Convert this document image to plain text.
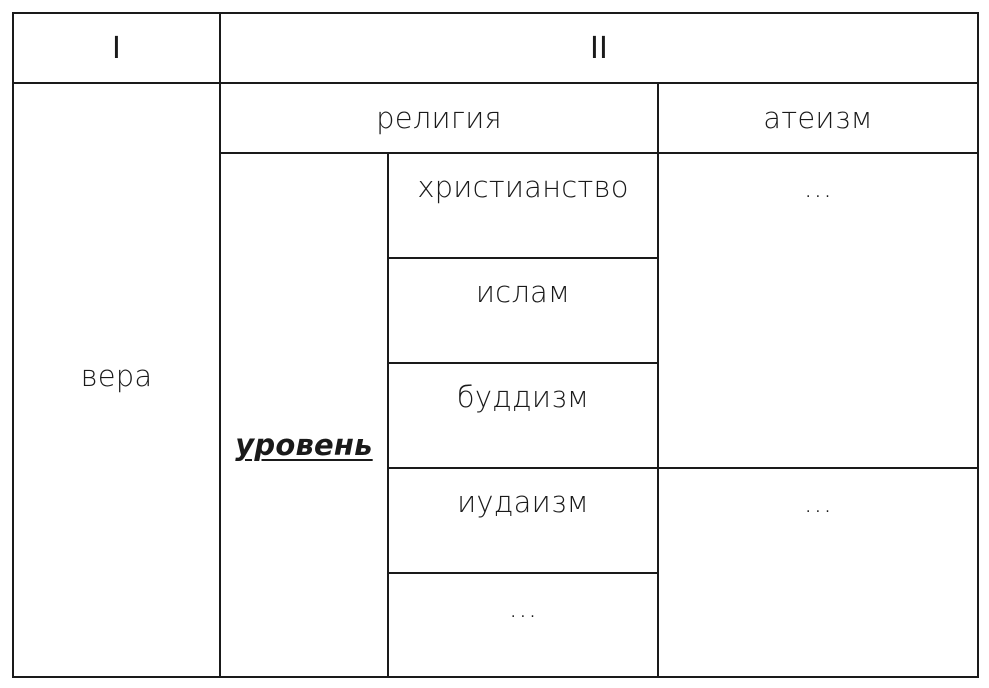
I	II		
вера	религия		атеизм
	уровень	христианство	…
		ислам	
		буддизм	
		иудаизм	…
		…	
